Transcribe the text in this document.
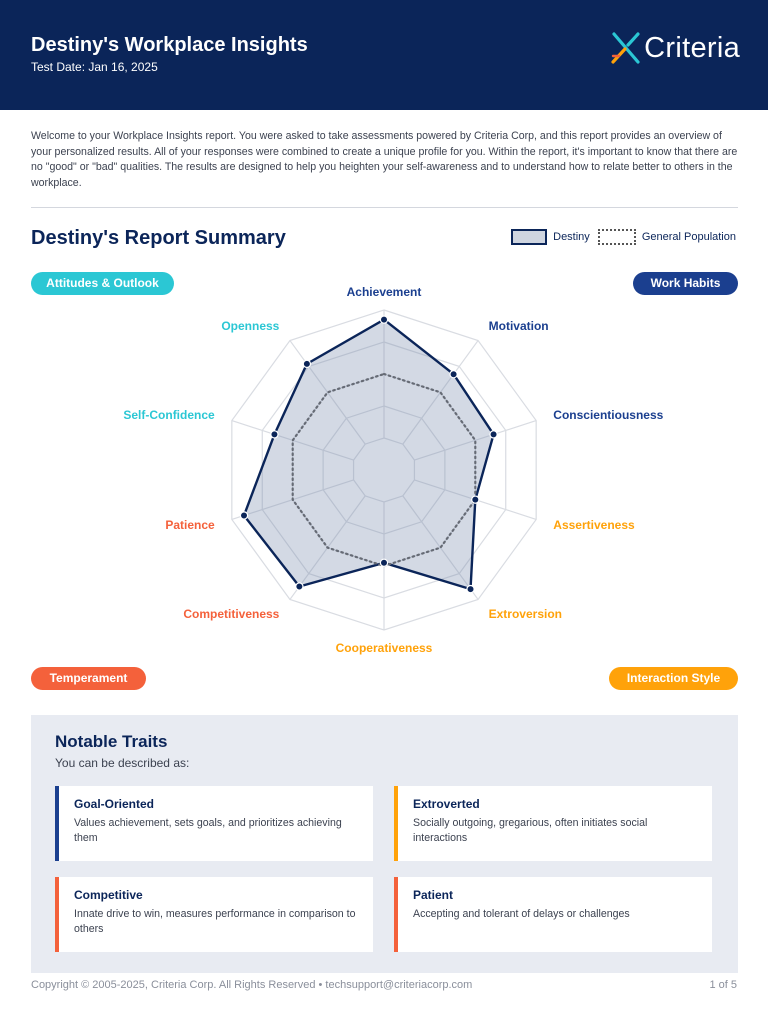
Destiny's Workplace Insights
Test Date: Jan 16, 2025
Criteria
Welcome to your Workplace Insights report. You were asked to take assessments powered by Criteria Corp, and this report provides an overview of your personalized results. All of your responses were combined to create a unique profile for you. Within the report, it's important to know that there are no "good" or "bad" qualities. The results are designed to help you heighten your self-awareness and to understand how to relate better to others in the workplace.
Destiny's Report Summary	Destiny	General Population
Attitudes & Outlook	Work Habits
Temperament	Interaction Style
Achievement
Motivation
Conscientiousness
Assertiveness
Extroversion
Cooperativeness
Competitiveness
Patience
Self-Confidence
Openness
Notable Traits
You can be described as:
Goal-Oriented
Values achievement, sets goals, and prioritizes achieving them
Extroverted
Socially outgoing, gregarious, often initiates social interactions
Competitive
Innate drive to win, measures performance in comparison to others
Patient
Accepting and tolerant of delays or challenges
Copyright © 2005-2025, Criteria Corp. All Rights Reserved • techsupport@criteriacorp.com	1 of 5
